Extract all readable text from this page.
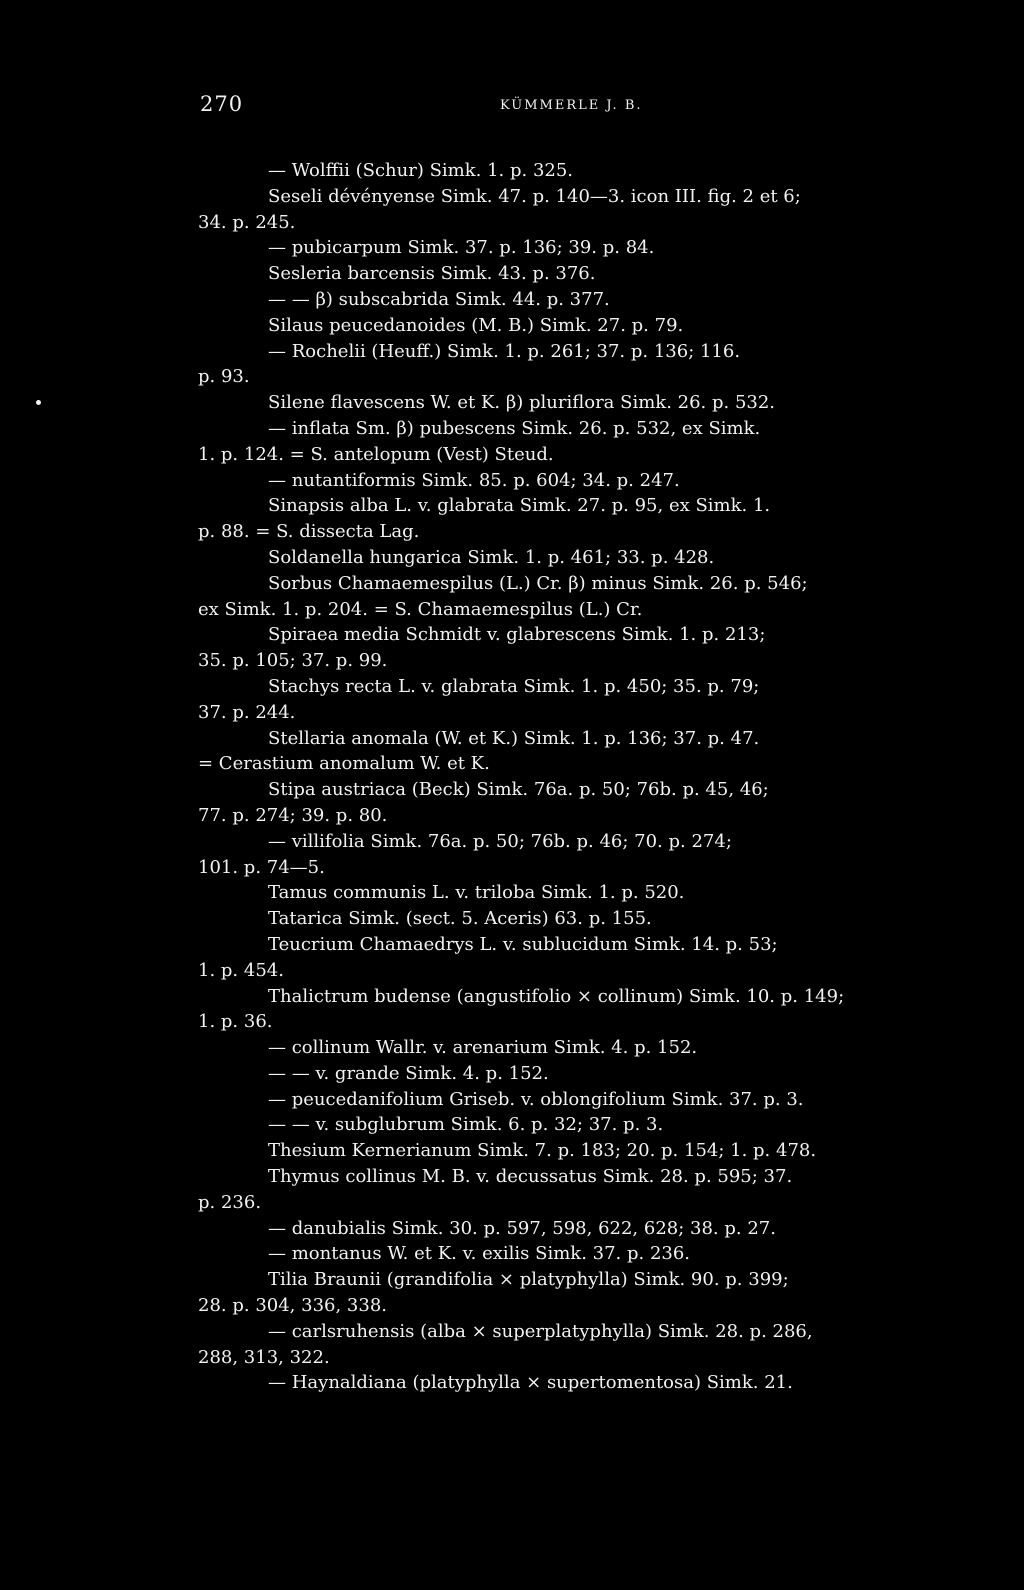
270	KÜMMERLE J. B.
— Wolffii (Schur) Simk. 1. p. 325.
Seseli dévényense Simk. 47. p. 140—3. icon III. fig. 2 et 6;
34. p. 245.
— pubicarpum Simk. 37. p. 136; 39. p. 84.
Sesleria barcensis Simk. 43. p. 376.
— — β) subscabrida Simk. 44. p. 377.
Silaus peucedanoides (M. B.) Simk. 27. p. 79.
— Rochelii (Heuff.) Simk. 1. p. 261; 37. p. 136; 116.
p. 93.
Silene flavescens W. et K. β) pluriflora Simk. 26. p. 532.
— inflata Sm. β) pubescens Simk. 26. p. 532, ex Simk.
1. p. 124. = S. antelopum (Vest) Steud.
— nutantiformis Simk. 85. p. 604; 34. p. 247.
Sinapsis alba L. v. glabrata Simk. 27. p. 95, ex Simk. 1.
p. 88. = S. dissecta Lag.
Soldanella hungarica Simk. 1. p. 461; 33. p. 428.
Sorbus Chamaemespilus (L.) Cr. β) minus Simk. 26. p. 546;
ex Simk. 1. p. 204. = S. Chamaemespilus (L.) Cr.
Spiraea media Schmidt v. glabrescens Simk. 1. p. 213;
35. p. 105; 37. p. 99.
Stachys recta L. v. glabrata Simk. 1. p. 450; 35. p. 79;
37. p. 244.
Stellaria anomala (W. et K.) Simk. 1. p. 136; 37. p. 47.
= Cerastium anomalum W. et K.
Stipa austriaca (Beck) Simk. 76a. p. 50; 76b. p. 45, 46;
77. p. 274; 39. p. 80.
— villifolia Simk. 76a. p. 50; 76b. p. 46; 70. p. 274;
101. p. 74—5.
Tamus communis L. v. triloba Simk. 1. p. 520.
Tatarica Simk. (sect. 5. Aceris) 63. p. 155.
Teucrium Chamaedrys L. v. sublucidum Simk. 14. p. 53;
1. p. 454.
Thalictrum budense (angustifolio × collinum) Simk. 10. p. 149;
1. p. 36.
— collinum Wallr. v. arenarium Simk. 4. p. 152.
— — v. grande Simk. 4. p. 152.
— peucedanifolium Griseb. v. oblongifolium Simk. 37. p. 3.
— — v. subglubrum Simk. 6. p. 32; 37. p. 3.
Thesium Kernerianum Simk. 7. p. 183; 20. p. 154; 1. p. 478.
Thymus collinus M. B. v. decussatus Simk. 28. p. 595; 37.
p. 236.
— danubialis Simk. 30. p. 597, 598, 622, 628; 38. p. 27.
— montanus W. et K. v. exilis Simk. 37. p. 236.
Tilia Braunii (grandifolia × platyphylla) Simk. 90. p. 399;
28. p. 304, 336, 338.
— carlsruhensis (alba × superplatyphylla) Simk. 28. p. 286,
288, 313, 322.
— Haynaldiana (platyphylla × supertomentosa) Simk. 21.
